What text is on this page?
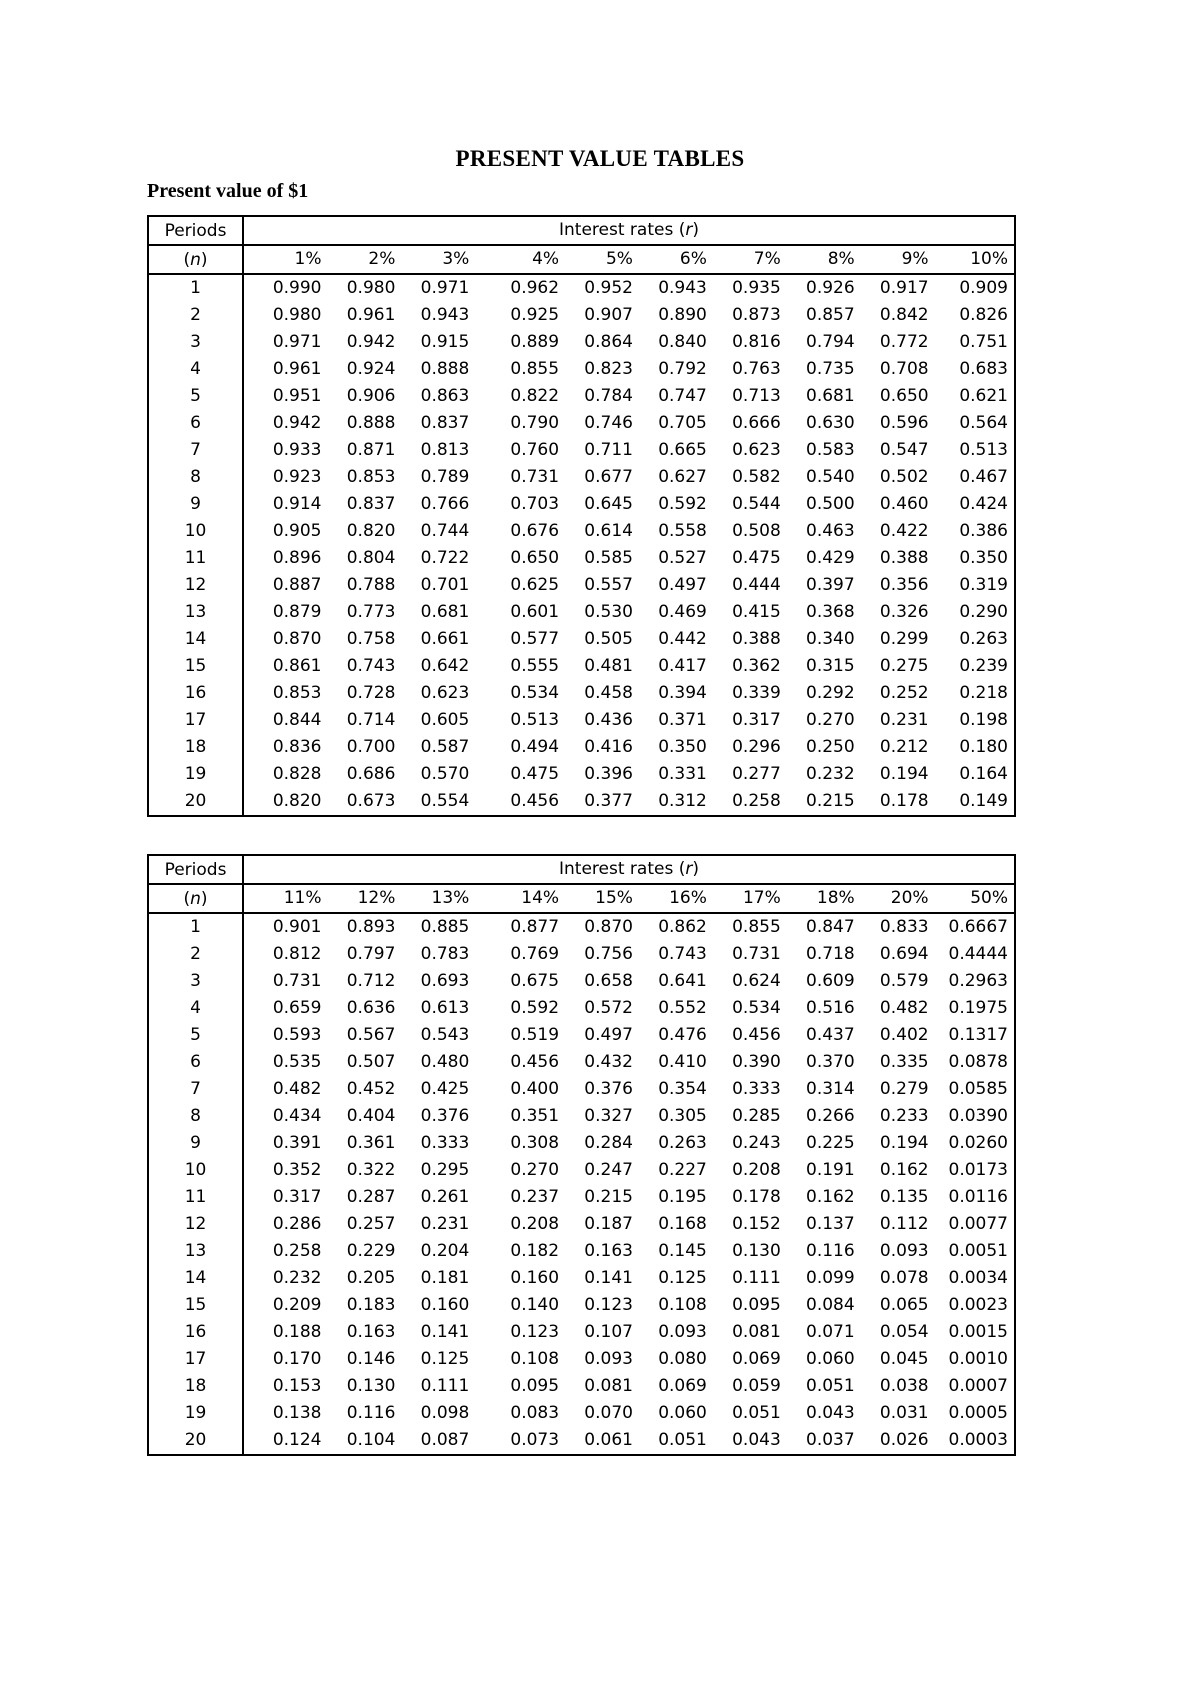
PRESENT VALUE TABLES
Present value of $1
Periods	Interest rates (r)									
(n)	1%	2%	3%	4%	5%	6%	7%	8%	9%	10%
1	0.990	0.980	0.971	0.962	0.952	0.943	0.935	0.926	0.917	0.909
2	0.980	0.961	0.943	0.925	0.907	0.890	0.873	0.857	0.842	0.826
3	0.971	0.942	0.915	0.889	0.864	0.840	0.816	0.794	0.772	0.751
4	0.961	0.924	0.888	0.855	0.823	0.792	0.763	0.735	0.708	0.683
5	0.951	0.906	0.863	0.822	0.784	0.747	0.713	0.681	0.650	0.621
6	0.942	0.888	0.837	0.790	0.746	0.705	0.666	0.630	0.596	0.564
7	0.933	0.871	0.813	0.760	0.711	0.665	0.623	0.583	0.547	0.513
8	0.923	0.853	0.789	0.731	0.677	0.627	0.582	0.540	0.502	0.467
9	0.914	0.837	0.766	0.703	0.645	0.592	0.544	0.500	0.460	0.424
10	0.905	0.820	0.744	0.676	0.614	0.558	0.508	0.463	0.422	0.386
11	0.896	0.804	0.722	0.650	0.585	0.527	0.475	0.429	0.388	0.350
12	0.887	0.788	0.701	0.625	0.557	0.497	0.444	0.397	0.356	0.319
13	0.879	0.773	0.681	0.601	0.530	0.469	0.415	0.368	0.326	0.290
14	0.870	0.758	0.661	0.577	0.505	0.442	0.388	0.340	0.299	0.263
15	0.861	0.743	0.642	0.555	0.481	0.417	0.362	0.315	0.275	0.239
16	0.853	0.728	0.623	0.534	0.458	0.394	0.339	0.292	0.252	0.218
17	0.844	0.714	0.605	0.513	0.436	0.371	0.317	0.270	0.231	0.198
18	0.836	0.700	0.587	0.494	0.416	0.350	0.296	0.250	0.212	0.180
19	0.828	0.686	0.570	0.475	0.396	0.331	0.277	0.232	0.194	0.164
20	0.820	0.673	0.554	0.456	0.377	0.312	0.258	0.215	0.178	0.149
Periods	Interest rates (r)									
(n)	11%	12%	13%	14%	15%	16%	17%	18%	20%	50%
1	0.901	0.893	0.885	0.877	0.870	0.862	0.855	0.847	0.833	0.6667
2	0.812	0.797	0.783	0.769	0.756	0.743	0.731	0.718	0.694	0.4444
3	0.731	0.712	0.693	0.675	0.658	0.641	0.624	0.609	0.579	0.2963
4	0.659	0.636	0.613	0.592	0.572	0.552	0.534	0.516	0.482	0.1975
5	0.593	0.567	0.543	0.519	0.497	0.476	0.456	0.437	0.402	0.1317
6	0.535	0.507	0.480	0.456	0.432	0.410	0.390	0.370	0.335	0.0878
7	0.482	0.452	0.425	0.400	0.376	0.354	0.333	0.314	0.279	0.0585
8	0.434	0.404	0.376	0.351	0.327	0.305	0.285	0.266	0.233	0.0390
9	0.391	0.361	0.333	0.308	0.284	0.263	0.243	0.225	0.194	0.0260
10	0.352	0.322	0.295	0.270	0.247	0.227	0.208	0.191	0.162	0.0173
11	0.317	0.287	0.261	0.237	0.215	0.195	0.178	0.162	0.135	0.0116
12	0.286	0.257	0.231	0.208	0.187	0.168	0.152	0.137	0.112	0.0077
13	0.258	0.229	0.204	0.182	0.163	0.145	0.130	0.116	0.093	0.0051
14	0.232	0.205	0.181	0.160	0.141	0.125	0.111	0.099	0.078	0.0034
15	0.209	0.183	0.160	0.140	0.123	0.108	0.095	0.084	0.065	0.0023
16	0.188	0.163	0.141	0.123	0.107	0.093	0.081	0.071	0.054	0.0015
17	0.170	0.146	0.125	0.108	0.093	0.080	0.069	0.060	0.045	0.0010
18	0.153	0.130	0.111	0.095	0.081	0.069	0.059	0.051	0.038	0.0007
19	0.138	0.116	0.098	0.083	0.070	0.060	0.051	0.043	0.031	0.0005
20	0.124	0.104	0.087	0.073	0.061	0.051	0.043	0.037	0.026	0.0003
